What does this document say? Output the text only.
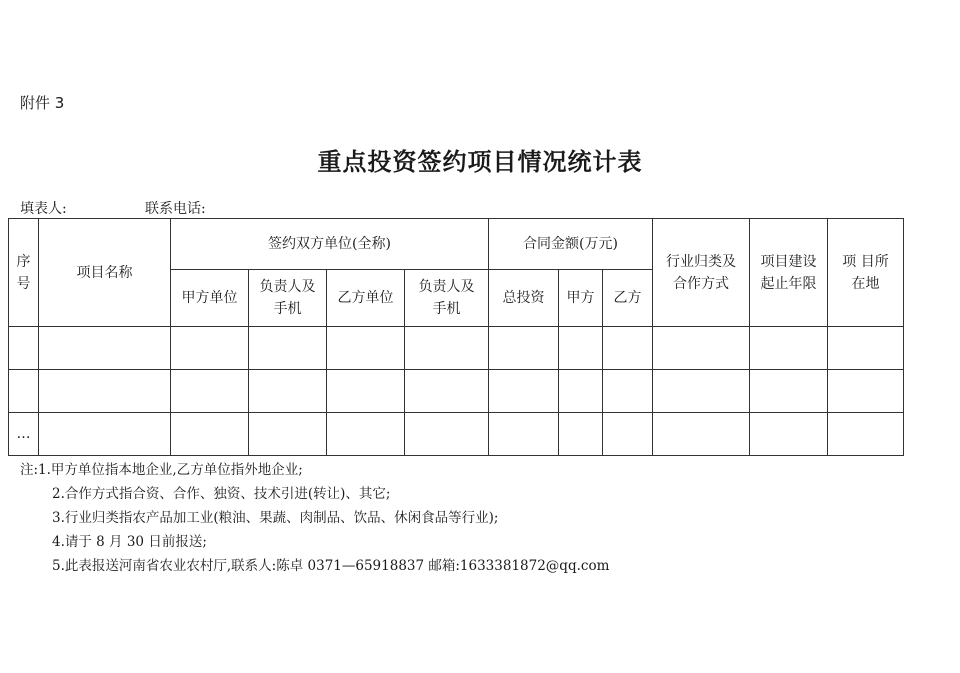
附件 3
重点投资签约项目情况统计表
填表人:	联系电话:
序号	项目名称	签约双方单位(全称)				合同金额(万元)			行业归类及合作方式	项目建设起止年限	项 目所在地
		甲方单位	负责人及手机	乙方单位	负责人及手机	总投资	甲方	乙方			

…											
注:1.甲方单位指本地企业,乙方单位指外地企业;
2.合作方式指合资、合作、独资、技术引进(转让)、其它;
3.行业归类指农产品加工业(粮油、果蔬、肉制品、饮品、休闲食品等行业);
4.请于 8 月 30 日前报送;
5.此表报送河南省农业农村厅,联系人:陈卓 0371—65918837 邮箱:1633381872@qq.com
